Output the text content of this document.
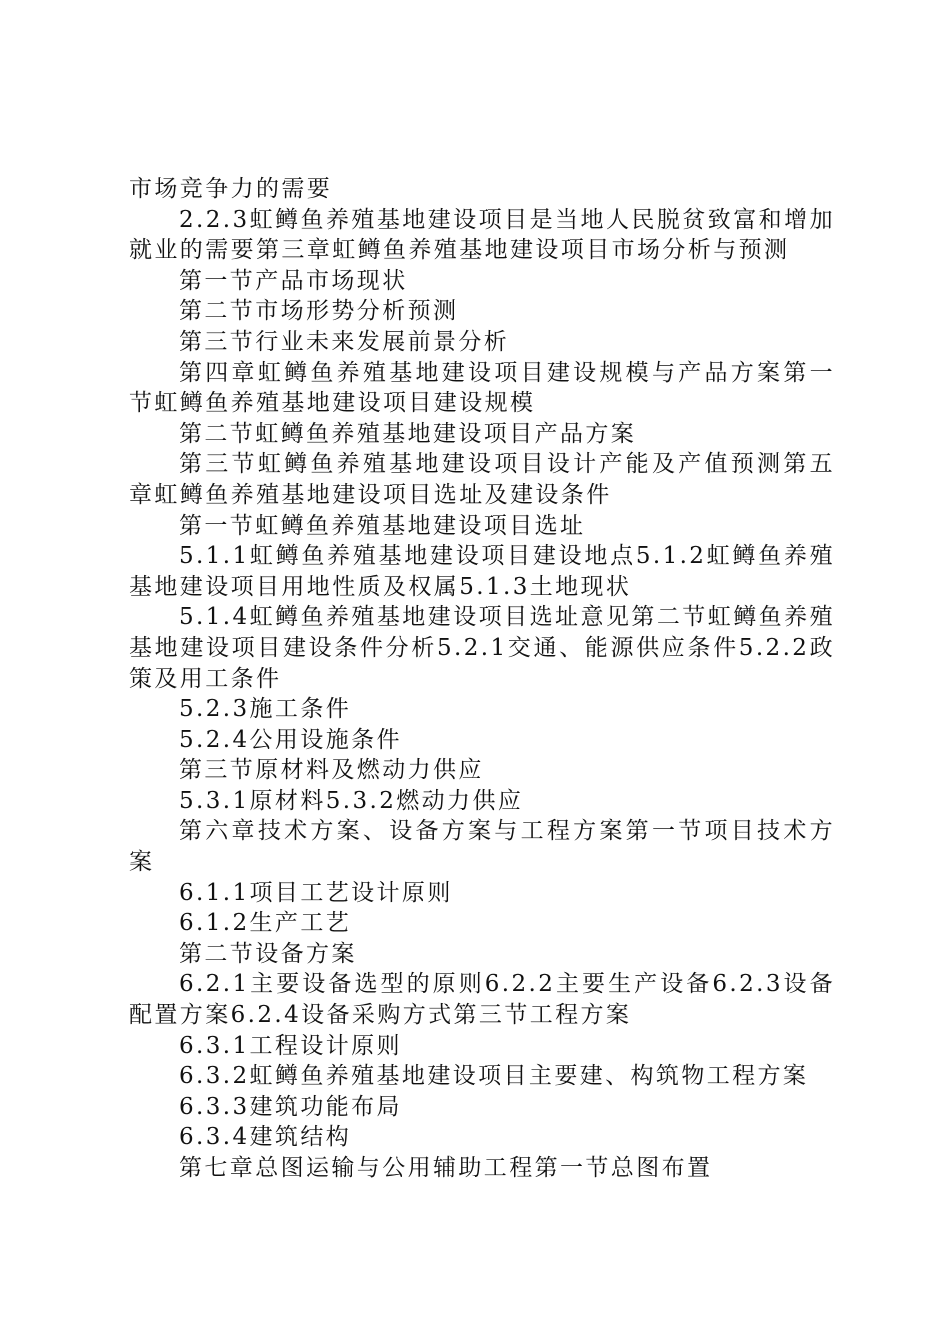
市场竞争力的需要

2.2.3虹鳟鱼养殖基地建设项目是当地人民脱贫致富和增加就业的需要第三章虹鳟鱼养殖基地建设项目市场分析与预测

第一节产品市场现状

第二节市场形势分析预测

第三节行业未来发展前景分析

第四章虹鳟鱼养殖基地建设项目建设规模与产品方案第一节虹鳟鱼养殖基地建设项目建设规模

第二节虹鳟鱼养殖基地建设项目产品方案

第三节虹鳟鱼养殖基地建设项目设计产能及产值预测第五章虹鳟鱼养殖基地建设项目选址及建设条件

第一节虹鳟鱼养殖基地建设项目选址

5.1.1虹鳟鱼养殖基地建设项目建设地点5.1.2虹鳟鱼养殖基地建设项目用地性质及权属5.1.3土地现状

5.1.4虹鳟鱼养殖基地建设项目选址意见第二节虹鳟鱼养殖基地建设项目建设条件分析5.2.1交通、能源供应条件5.2.2政策及用工条件

5.2.3施工条件

5.2.4公用设施条件

第三节原材料及燃动力供应

5.3.1原材料5.3.2燃动力供应

第六章技术方案、设备方案与工程方案第一节项目技术方案

6.1.1项目工艺设计原则

6.1.2生产工艺

第二节设备方案

6.2.1主要设备选型的原则6.2.2主要生产设备6.2.3设备配置方案6.2.4设备采购方式第三节工程方案

6.3.1工程设计原则

6.3.2虹鳟鱼养殖基地建设项目主要建、构筑物工程方案

6.3.3建筑功能布局

6.3.4建筑结构

第七章总图运输与公用辅助工程第一节总图布置
